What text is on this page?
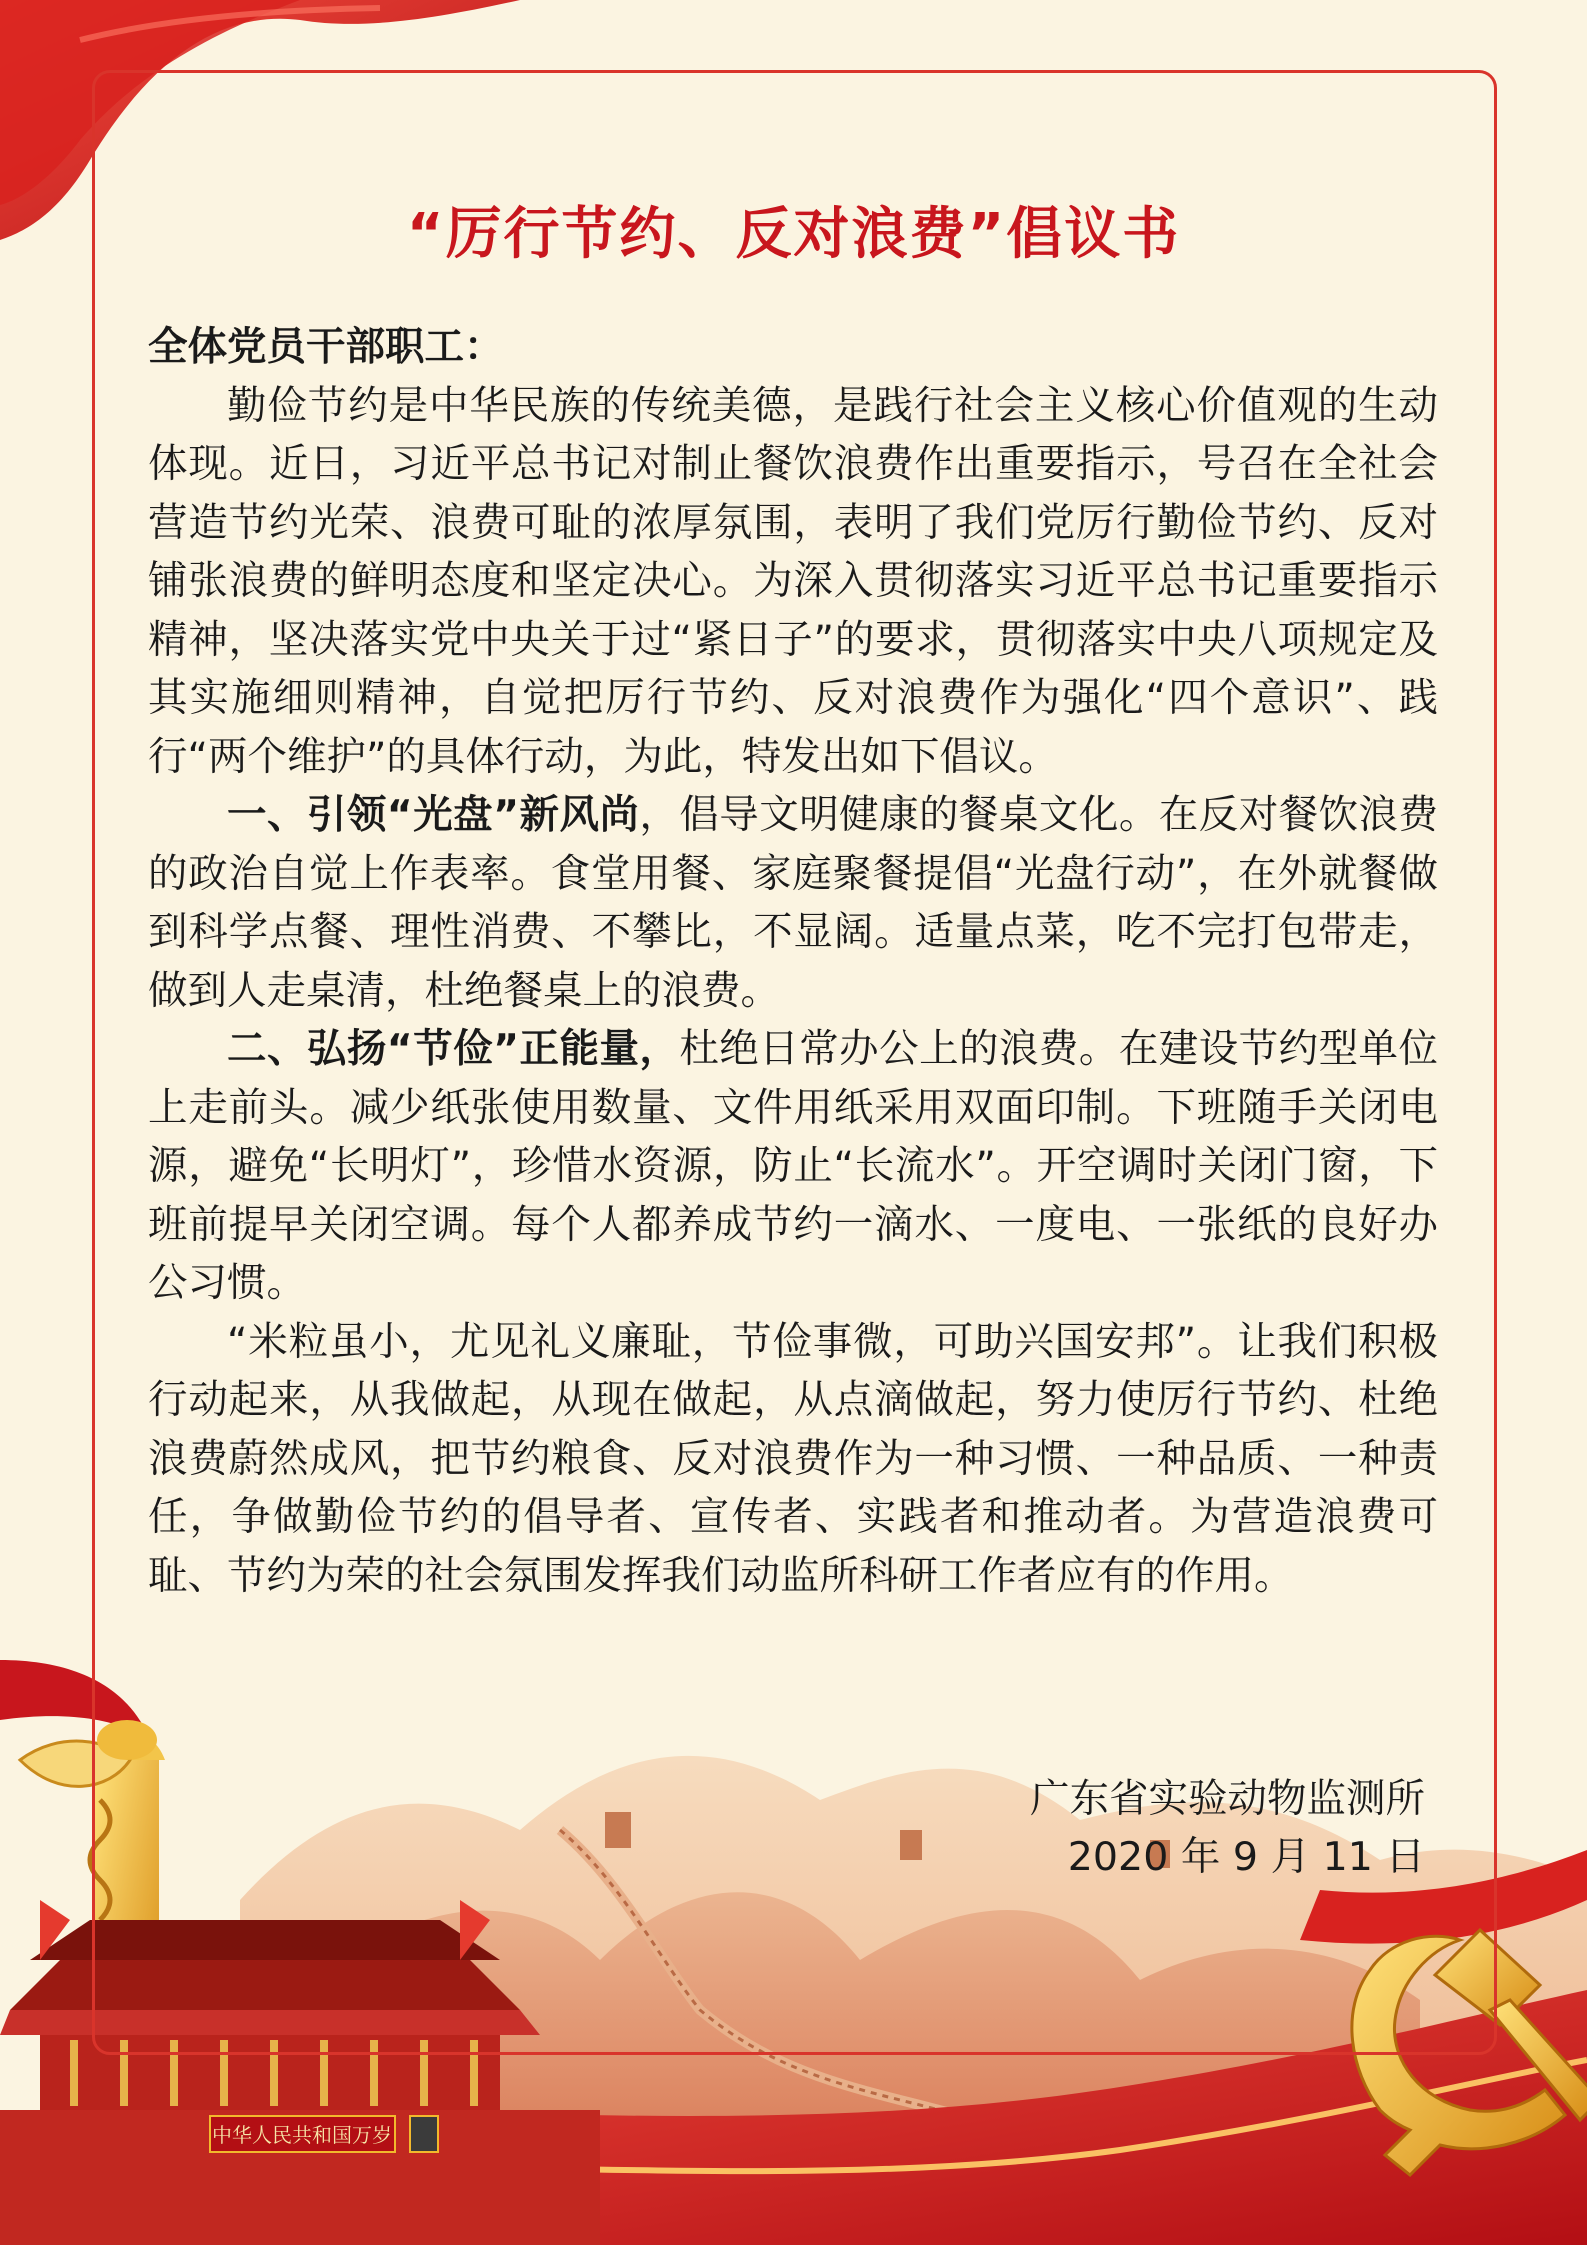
中华人民共和国万岁
“厉行节约、反对浪费”倡议书

全体党员干部职工：

勤俭节约是中华民族的传统美德，是践行社会主义核心价值观的生动体现。近日，习近平总书记对制止餐饮浪费作出重要指示，号召在全社会营造节约光荣、浪费可耻的浓厚氛围，表明了我们党厉行勤俭节约、反对铺张浪费的鲜明态度和坚定决心。为深入贯彻落实习近平总书记重要指示精神，坚决落实党中央关于过“紧日子”的要求，贯彻落实中央八项规定及其实施细则精神，自觉把厉行节约、反对浪费作为强化“四个意识”、践行“两个维护”的具体行动，为此，特发出如下倡议。

一、引领“光盘”新风尚，倡导文明健康的餐桌文化。在反对餐饮浪费的政治自觉上作表率。食堂用餐、家庭聚餐提倡“光盘行动”，在外就餐做到科学点餐、理性消费、不攀比，不显阔。适量点菜，吃不完打包带走，做到人走桌清，杜绝餐桌上的浪费。

二、弘扬“节俭”正能量，杜绝日常办公上的浪费。在建设节约型单位上走前头。减少纸张使用数量、文件用纸采用双面印制。下班随手关闭电源，避免“长明灯”，珍惜水资源，防止“长流水”。开空调时关闭门窗，下班前提早关闭空调。每个人都养成节约一滴水、一度电、一张纸的良好办公习惯。

“米粒虽小，尤见礼义廉耻，节俭事微，可助兴国安邦”。让我们积极行动起来，从我做起，从现在做起，从点滴做起，努力使厉行节约、杜绝浪费蔚然成风，把节约粮食、反对浪费作为一种习惯、一种品质、一种责任，争做勤俭节约的倡导者、宣传者、实践者和推动者。为营造浪费可耻、节约为荣的社会氛围发挥我们动监所科研工作者应有的作用。

广东省实验动物监测所
2020 年 9 月 11 日
